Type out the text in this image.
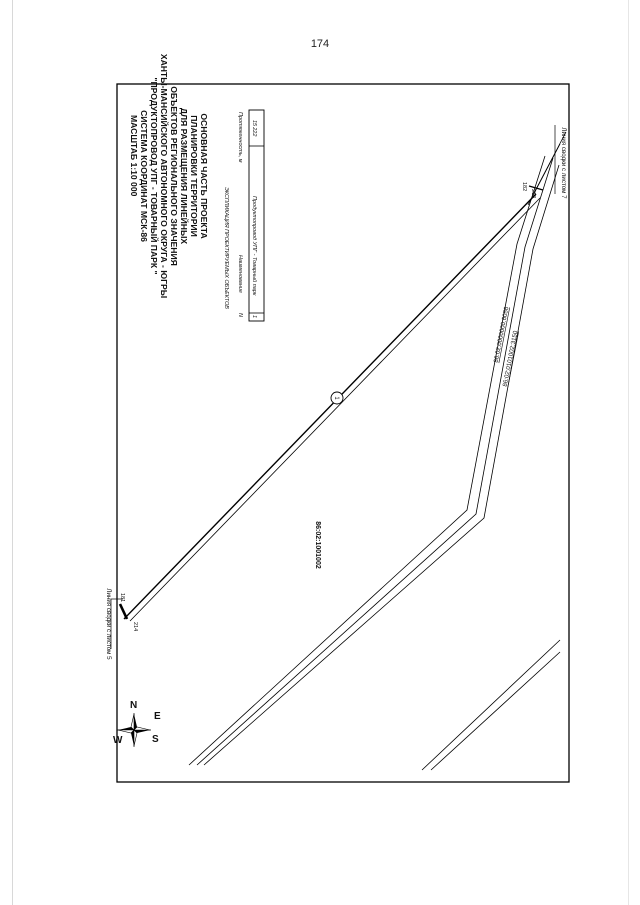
174
ОСНОВНАЯ ЧАСТЬ ПРОЕКТА
ПЛАНИРОВКИ ТЕРРИТОРИИ
ДЛЯ РАЗМЕЩЕНИЯ ЛИНЕЙНЫХ
ОБЪЕКТОВ РЕГИОНАЛЬНОГО ЗНАЧЕНИЯ
ХАНТЫ-МАНСИЙСКОГО АВТОНОМНОГО ОКРУГА - ЮГРЫ
"ПРОДУКТОПРОВОД УПГ - ТОВАРНЫЙ ПАРК "
СИСТЕМА КООРДИНАТ МСК-86
МАСШТАБ 1:10 000
ЭКСПЛИКАЦИЯ ПРОЕКТИРУЕМЫХ ОБЪЕКТОВ
N
Наименование
Протяженность, м
1
Продуктопровод УПГ - Товарный парк
15 222
1
Линия сводки с листом 5
Линия сводки с листом 7
181
214
182
213
86:02:1001002
86:02:0000000:6056
86:02:0101002:3150
N
E
S
W
